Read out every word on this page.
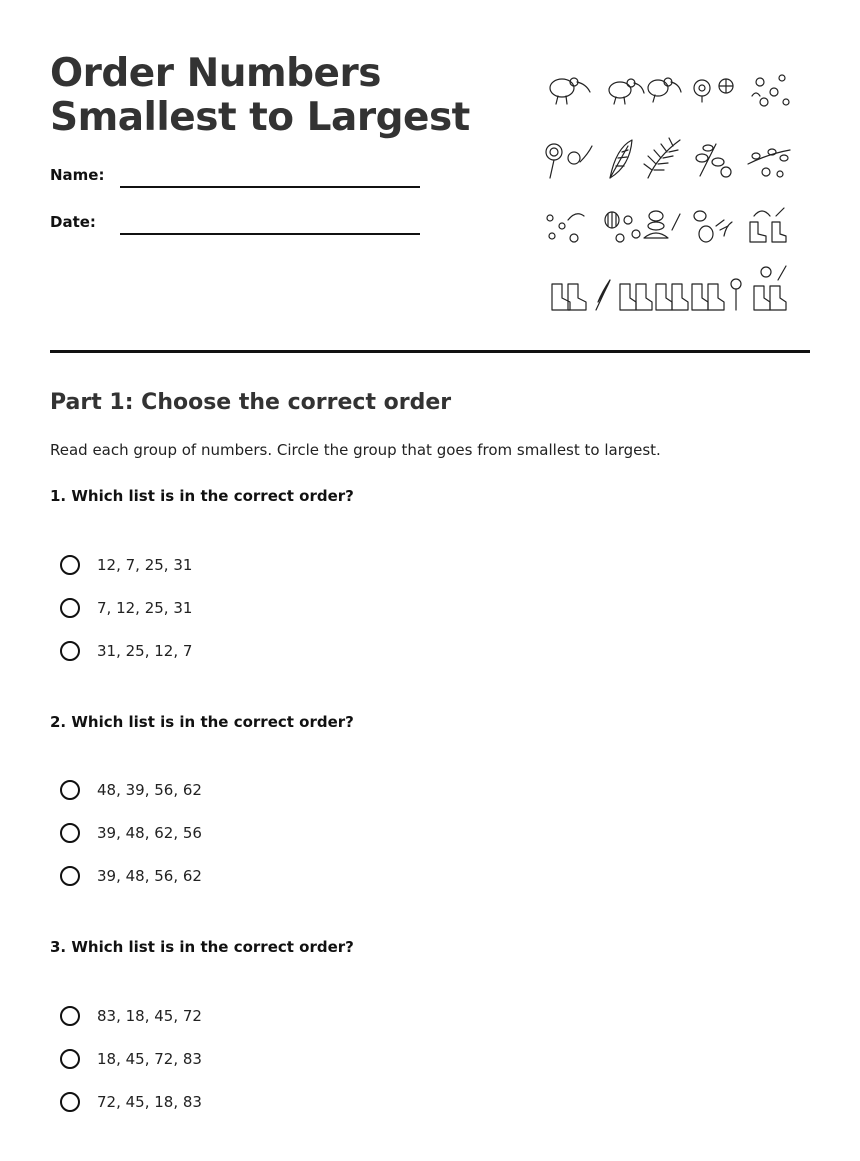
Order Numbers
Smallest to Largest
Name:
Date:
Part 1: Choose the correct order

Read each group of numbers. Circle the group that goes from smallest to largest.

1. Which list is in the correct order?

12, 7, 25, 31
7, 12, 25, 31
31, 25, 12, 7

2. Which list is in the correct order?

48, 39, 56, 62
39, 48, 62, 56
39, 48, 56, 62

3. Which list is in the correct order?

83, 18, 45, 72
18, 45, 72, 83
72, 45, 18, 83
